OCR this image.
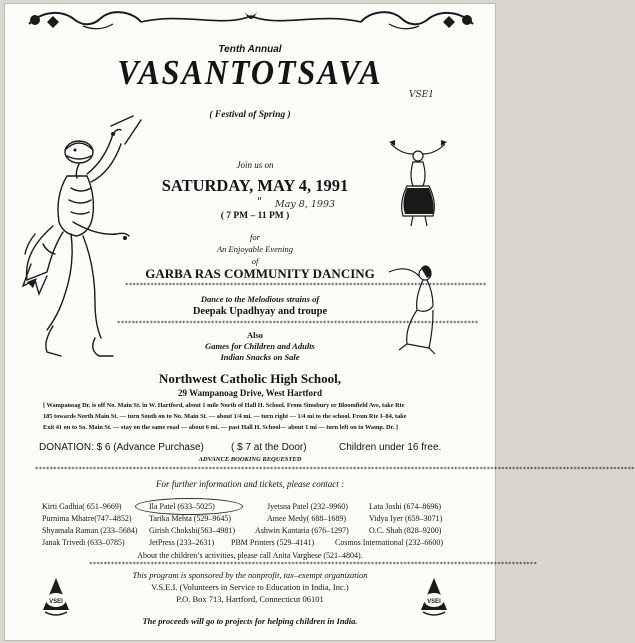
Tenth Annual
VASANTOTSAVA
( Festival of Spring )
VSE1
Join us on
SATURDAY, MAY 4, 1991
" May 8, 1993
( 7 PM – 11 PM )
for
An Enjoyable Evening
of
GARBA RAS COMMUNITY DANCING
****************************************************************************************************
Dance to the Melodious strains of
Deepak Upadhyay and troupe
****************************************************************************************************
Also
Games for Children and Adults
Indian Snacks on Sale
Northwest Catholic High School,
29 Wampanoag Drive, West Hartford
[ Wampanoag Dr. is off No. Main St. in W. Hartford, about 1 mile North of Hall H. School. From Simsbury or Bloomfield Ave, take Rte
185 towards North Main St. — turn South on to No. Main St. — about 1/4 mi. — turn right — 1/4 mi to the school. From Rte I–84, take
Exit 41 on to So. Main St. — stay on the same road — about 6 mi. — past Hall H. School— about 1 mi — turn left on to Wamp. Dr. ]
DONATION: $ 6 (Advance Purchase)	( $ 7 at the Door)	Children under 16 free.
ADVANCE BOOKING REQUESTED
**********************************************************************************************************************************************************************
For further information and tickets, please contact :
Kirti Gadhia( 651–9669)	Ila Patel (633–5025)	Jyetsna Patel (232–9960)	Lata Joshi (674–8696)
Purnima Mhatre(747–4852) Tarika Mehta (529–9645)	Amee Medy( 688–1689)	Vidya Iyer (659–3071)
Shyamala Raman (233–5684) Girish Chokshi(563–4981)	Ashwin Kantaria (676–1297)	O.C. Shah (828–9200)
Janak Trivedi (633–0785)	JetPress (233–2631) PBM Printers (529–4141)	Cosmos International (232–6600)
About the children’s activities, please call Anita Varghese (521–4804).
****************************************************************************************************************************
This program is sponsored by the nonprofit, tax–exempt organization
V.S.E.I. (Volunteers in Service to Education in India, Inc.)
P.O. Box 713, Hartford, Connecticut 06101
The proceeds will go to projects for helping children in India.
VSEI	VSEI
